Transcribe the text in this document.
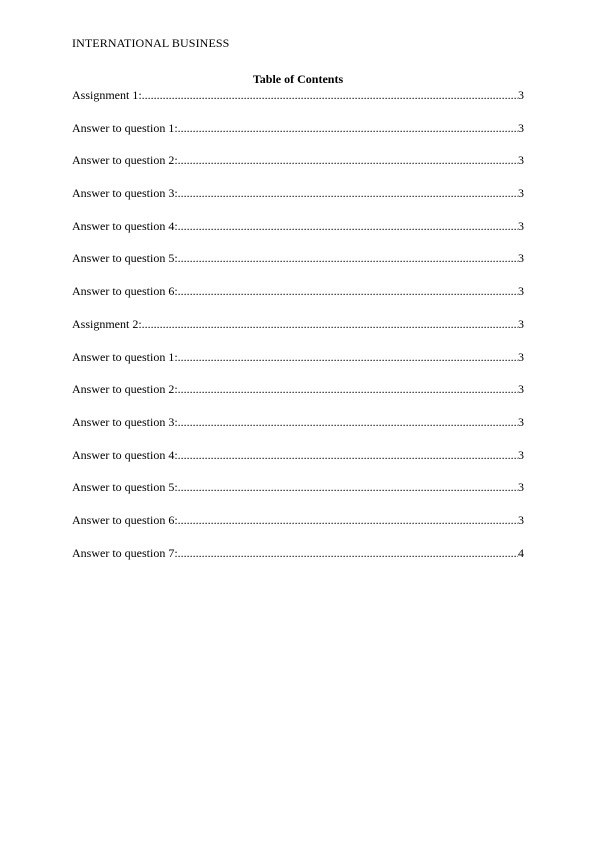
INTERNATIONAL BUSINESS
Table of Contents
Assignment 1: .....	3
Answer to question 1: .....	3
Answer to question 2: .....	3
Answer to question 3: .....	3
Answer to question 4: .....	3
Answer to question 5: .....	3
Answer to question 6: .....	3
Assignment 2: .....	3
Answer to question 1: .....	3
Answer to question 2: .....	3
Answer to question 3: .....	3
Answer to question 4: .....	3
Answer to question 5: .....	3
Answer to question 6: .....	3
Answer to question 7: .....	4
